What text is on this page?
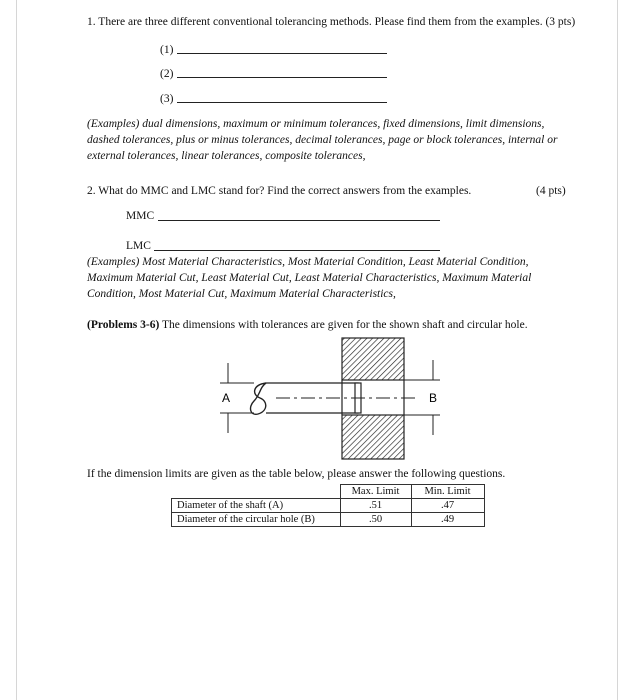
1. There are three different conventional tolerancing methods. Please find them from the examples. (3 pts)
(1)
(2)
(3)
(Examples) dual dimensions, maximum or minimum tolerances, fixed dimensions, limit dimensions,
dashed tolerances, plus or minus tolerances, decimal tolerances, page or block tolerances, internal or
external tolerances, linear tolerances, composite tolerances,
2. What do MMC and LMC stand for? Find the correct answers from the examples.	(4 pts)
MMC
LMC
(Examples) Most Material Characteristics, Most Material Condition, Least Material Condition,
Maximum Material Cut, Least Material Cut, Least Material Characteristics, Maximum Material
Condition, Most Material Cut, Maximum Material Characteristics,
(Problems 3-6) The dimensions with tolerances are given for the shown shaft and circular hole.
A	B
If the dimension limits are given as the table below, please answer the following questions.
	Max. Limit	Min. Limit
Diameter of the shaft (A)	.51	.47
Diameter of the circular hole (B)	.50	.49
